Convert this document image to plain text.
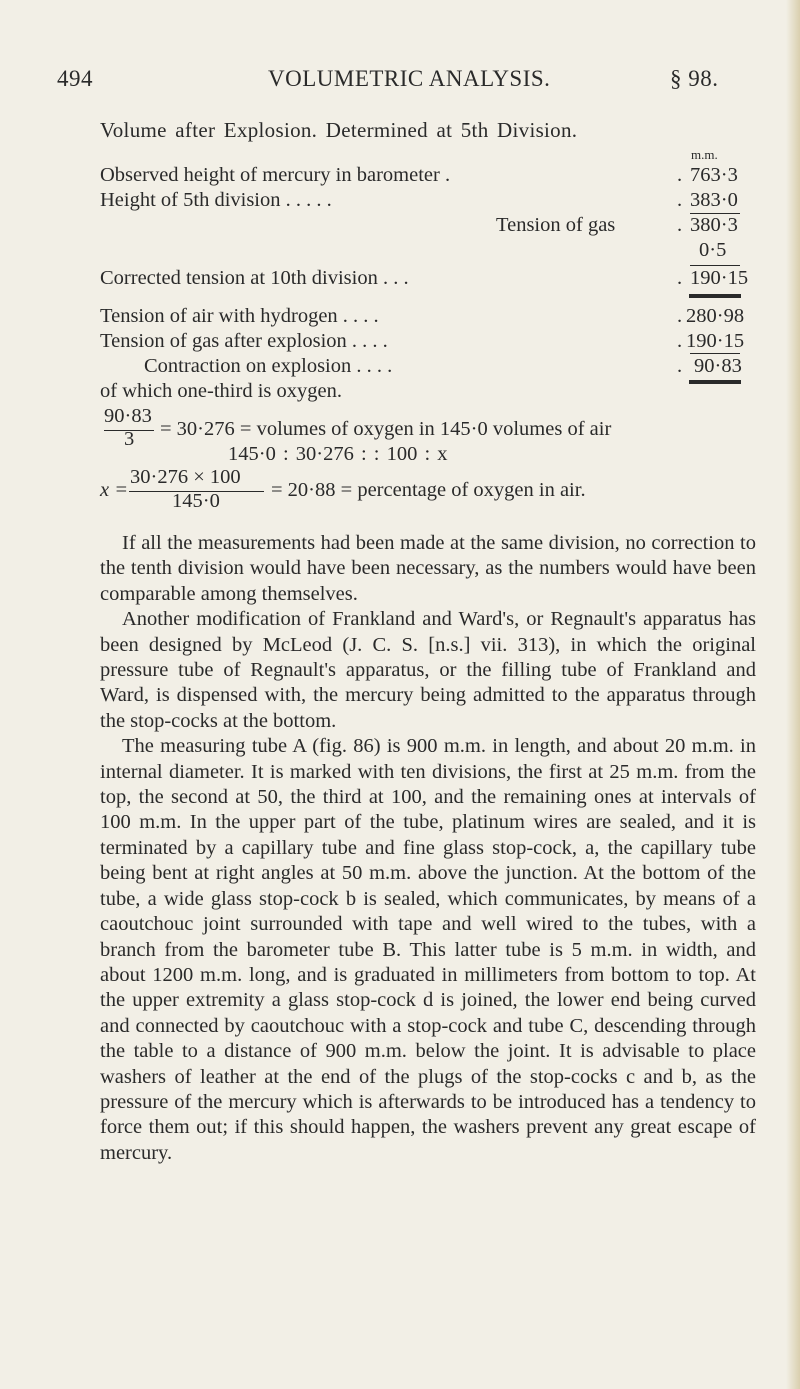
494	VOLUMETRIC ANALYSIS.	§ 98.
Volume after Explosion. Determined at 5th Division.
m.m.
Observed height of mercury in barometer .	. 763·3
Height of 5th division . . . . .	. 383·0
Tension of gas	. 380·3
0·5
Corrected tension at 10th division . . .	. 190·15
Tension of air with hydrogen . . . .	. 280·98
Tension of gas after explosion . . . .	. 190·15
Contraction on explosion . . . .	. 90·83
of which one-third is oxygen.
90·83
3 = 30·276 = volumes of oxygen in 145·0 volumes of air
145·0 : 30·276 : : 100 : x
x =
30·276 × 100
145·0 = 20·88 = percentage of oxygen in air.

If all the measurements had been made at the same division, no correction to the tenth division would have been necessary, as the numbers would have been comparable among themselves.

Another modification of Frankland and Ward's, or Regnault's apparatus has been designed by McLeod (J. C. S. [n.s.] vii. 313), in which the original pressure tube of Regnault's apparatus, or the filling tube of Frankland and Ward, is dispensed with, the mercury being admitted to the apparatus through the stop-cocks at the bottom.

The measuring tube A (fig. 86) is 900 m.m. in length, and about 20 m.m. in internal diameter. It is marked with ten divisions, the first at 25 m.m. from the top, the second at 50, the third at 100, and the remaining ones at intervals of 100 m.m. In the upper part of the tube, platinum wires are sealed, and it is terminated by a capillary tube and fine glass stop-cock, a, the capillary tube being bent at right angles at 50 m.m. above the junction. At the bottom of the tube, a wide glass stop-cock b is sealed, which communicates, by means of a caoutchouc joint surrounded with tape and well wired to the tubes, with a branch from the barometer tube B. This latter tube is 5 m.m. in width, and about 1200 m.m. long, and is graduated in millimeters from bottom to top. At the upper extremity a glass stop-cock d is joined, the lower end being curved and connected by caoutchouc with a stop-cock and tube C, descending through the table to a distance of 900 m.m. below the joint. It is advisable to place washers of leather at the end of the plugs of the stop-cocks c and b, as the pressure of the mercury which is afterwards to be introduced has a tendency to force them out; if this should happen, the washers prevent any great escape of mercury.
